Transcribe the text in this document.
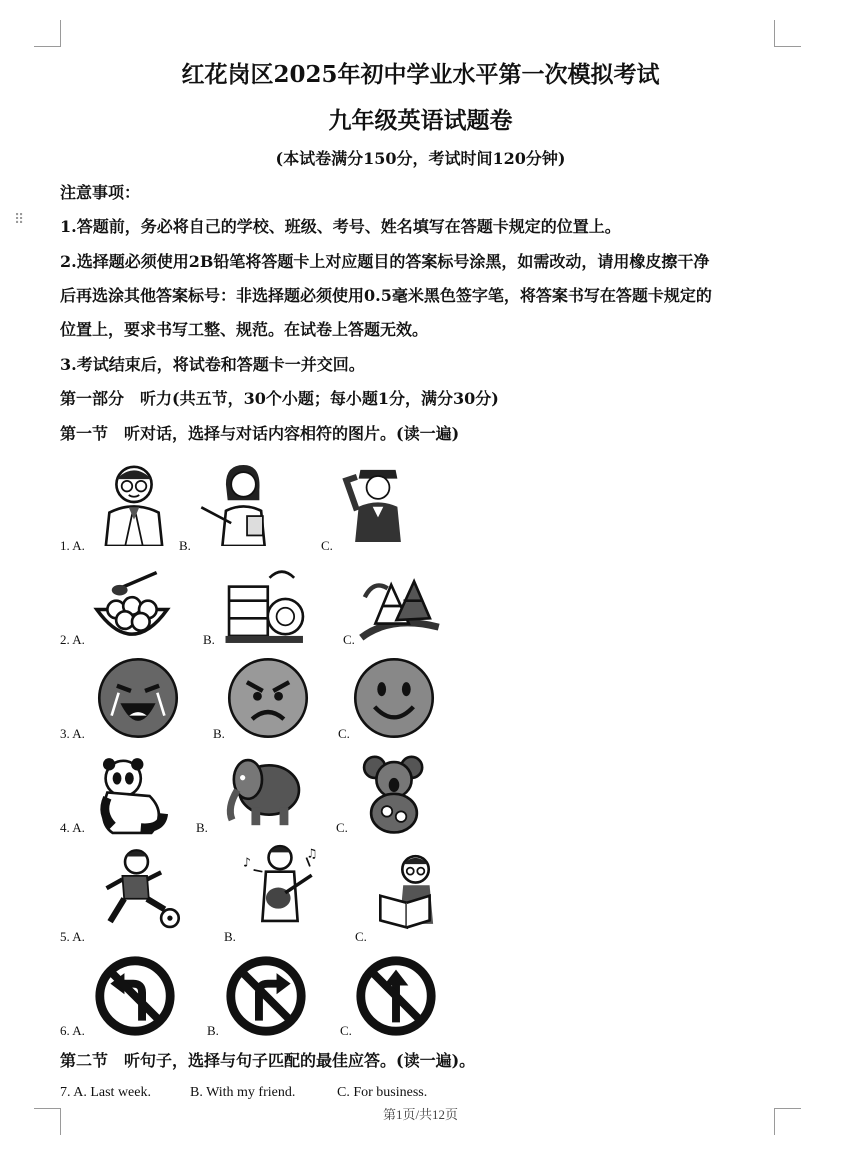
⠿
红花岗区2025年初中学业水平第一次模拟考试
九年级英语试题卷
(本试卷满分150分，考试时间120分钟)
注意事项：
1.答题前，务必将自己的学校、班级、考号、姓名填写在答题卡规定的位置上。
2.选择题必须使用2B铅笔将答题卡上对应题目的答案标号涂黑，如需改动，请用橡皮擦干净
后再选涂其他答案标号：非选择题必须使用0.5毫米黑色签字笔，将答案书写在答题卡规定的
位置上，要求书写工整、规范。在试卷上答题无效。
3.考试结束后，将试卷和答题卡一并交回。
第一部分　听力(共五节，30个小题；每小题1分，满分30分)
第一节　听对话，选择与对话内容相符的图片。(读一遍)
1. A.	B.	C.
2. A.	B.	C.
3. A.	B.	C.
4. A.	B.	C.
5. A.	B.	C.
♪
♫
6. A.	B.	C.
第二节　听句子，选择与句子匹配的最佳应答。(读一遍)。
7. A. Last week.	B. With my friend.	C. For business.
第1页/共12页
